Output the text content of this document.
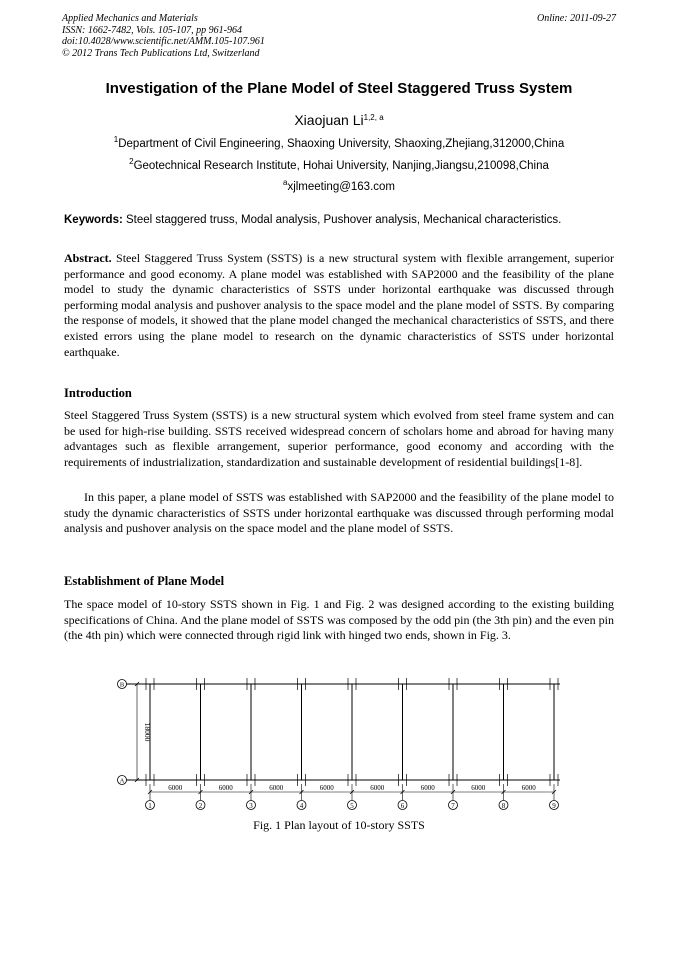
Applied Mechanics and Materials
ISSN: 1662-7482, Vols. 105-107, pp 961-964
doi:10.4028/www.scientific.net/AMM.105-107.961
© 2012 Trans Tech Publications Ltd, Switzerland
Online: 2011-09-27
Investigation of the Plane Model of Steel Staggered Truss System
Xiaojuan Li$^{1,2, a}$
$^1$Department of Civil Engineering, Shaoxing University, Shaoxing,Zhejiang,312000,China
$^2$Geotechnical Research Institute, Hohai University, Nanjing,Jiangsu,210098,China
$^a$xjlmeeting@163.com
Keywords: Steel staggered truss, Modal analysis, Pushover analysis, Mechanical characteristics.
Abstract. Steel Staggered Truss System (SSTS) is a new structural system with flexible arrangement, superior performance and good economy. A plane model was established with SAP2000 and the feasibility of the plane model to study the dynamic characteristics of SSTS under horizontal earthquake was discussed through performing modal analysis and pushover analysis to the space model and the plane model of SSTS. By comparing the response of models, it showed that the plane model changed the mechanical characteristics of SSTS, and there existed errors using the plane model to research on the dynamic characteristics of SSTS under horizontal earthquake.
Introduction
Steel Staggered Truss System (SSTS) is a new structural system which evolved from steel frame system and can be used for high-rise building. SSTS received widespread concern of scholars home and abroad for having many advantages such as flexible arrangement, superior performance, good economy and according with the requirements of industrialization, standardization and sustainable development of residential buildings[1-8].
In this paper, a plane model of SSTS was established with SAP2000 and the feasibility of the plane model to study the dynamic characteristics of SSTS under horizontal earthquake was discussed through performing modal analysis and pushover analysis on the space model and the plane model of SSTS.
Establishment of Plane Model
The space model of 10-story SSTS shown in Fig. 1 and Fig. 2 was designed according to the existing building specifications of China. And the plane model of SSTS was composed by the odd pin (the 3th pin) and the even pin (the 4th pin) which were connected through rigid link with hinged two ends, shown in Fig. 3.
1	2	3	4	5	6	7	8	9
6000	6000	6000	6000	6000	6000	6000	6000
18000
B
A
Fig. 1 Plan layout of 10-story SSTS
